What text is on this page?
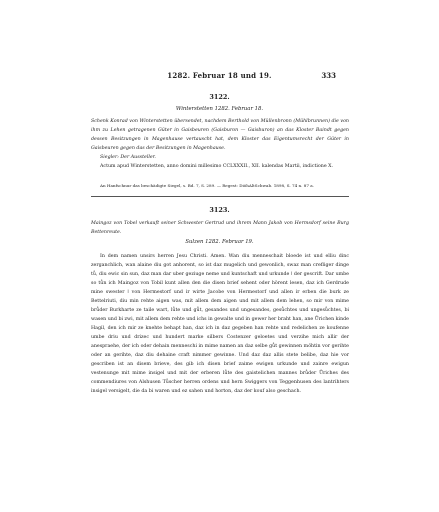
1282. Februar 18 und 19.	333
3122.
Winterstetten 1282. Februar 18.
Schenk Konrad von Winterstetten übersendet, nachdem Berthold von Müllenbronn (Mühlbrunnen) die von ihm zu Lehen getragenen Güter in Gaisbeuren (Gaisburon — Gaisburon) an das Kloster Baindt gegen dessen Besitzungen in Magenhause vertauscht hat, dem Kloster das Eigentumsrecht der Güter in Gaisbeuren gegen das der Besitzungen in Magenhause.

Siegler: Der Aussteller.

Actum apud Winterstetten, anno domini millesimo CCLXXXII., XII. kalendas Martii, indictione X.

An Hanfschnur das beschädigte Siegel, s. Bd. 7, S. 289. — Regest: DiöhAltSchwab. 1898, S. 74 n. 87 a.
3123.
Maingoz von Tobel verkauft seiner Schwester Gertrud und ihrem Mann Jakob von Hermsdorf seine Burg Bettenreute.
Sulzen 1282. Februar 19.

In dem namen unsirs herren Jesu Christi. Amen. Wan diu menneschait bloede ist und elliu dinc zerganchlich, wan alaine diu got anhorent, so ist daz mugelich und gewonlich, swaz man crefliger dinge tů, diu ewic sin sun, daz man dar uber geziuge neme und kuntschaft und urkunde ǀ der gescrift. Dar umbe so tůn ich Maingoz von Tobil kunt allen den die disen brief sehent oder hörent lesen, daz ich Gerdrude mine swester ǀ von Hermestorf und ir wirte Jacobe von Hermestorf und allen ir erben die burk ze Bettelriuti, diu min rehte aigen was, mit allem dem aigen und mit allem dem lehen, so mir von mime brůder Burkharte ze taile wart, lůte und gůt, gesandes und ungesandes, gesůchtes und ungesůchtes, bi wasen und bi zwi, mit allem dem rehte und ichs in gewalte und in gewer her braht han, ane Ůrichen kinde Hagil, den ich mir ze knehte behapt han, daz ich in daz gegeben han rehte und redelichen ze koufenne umbe driu und drizec und hundert marke silbers Costenzer geloetes und verzihe mich allir der anespraehe, der ich oder dehain menneschi in mime namen an daz selbe gůt gewinnen möhtin vor gerihte oder an gerihte, daz diu dehaine craft nimmer gewinne. Und daz daz allis stete belibe, daz hie vor gescriben ist an disem brieve, des gib ich disen brief zaime ewigen urkunde und zainre ewigun vestenunge mit mime insigel und mit der erberen lůte des gaistelichen mannes brůder Ůriches des commendiures von Alshusen Tůscher herren ordens und hern Swiggers von Teggenhusen des lantrihters insigel versigelt, die da bi waren und ez sahen und horton, daz der kouf also geschach.
